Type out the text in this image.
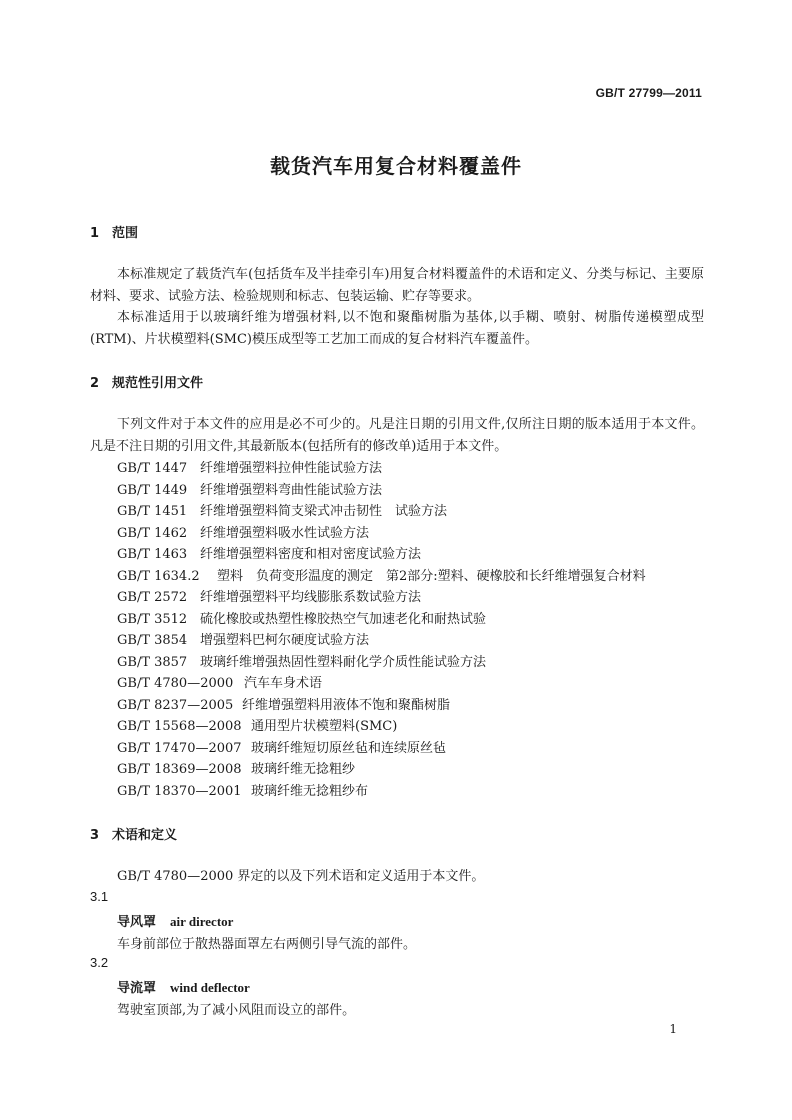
GB/T 27799—2011
载货汽车用复合材料覆盖件
1 范围
本标准规定了载货汽车(包括货车及半挂牵引车)用复合材料覆盖件的术语和定义、分类与标记、主要原材料、要求、试验方法、检验规则和标志、包装运输、贮存等要求。
本标准适用于以玻璃纤维为增强材料,以不饱和聚酯树脂为基体,以手糊、喷射、树脂传递模塑成型(RTM)、片状模塑料(SMC)模压成型等工艺加工而成的复合材料汽车覆盖件。
2 规范性引用文件
下列文件对于本文件的应用是必不可少的。凡是注日期的引用文件,仅所注日期的版本适用于本文件。凡是不注日期的引用文件,其最新版本(包括所有的修改单)适用于本文件。
GB/T 1447 纤维增强塑料拉伸性能试验方法
GB/T 1449 纤维增强塑料弯曲性能试验方法
GB/T 1451 纤维增强塑料简支梁式冲击韧性　试验方法
GB/T 1462 纤维增强塑料吸水性试验方法
GB/T 1463 纤维增强塑料密度和相对密度试验方法
GB/T 1634.2 塑料　负荷变形温度的测定　第2部分:塑料、硬橡胶和长纤维增强复合材料
GB/T 2572 纤维增强塑料平均线膨胀系数试验方法
GB/T 3512 硫化橡胶或热塑性橡胶热空气加速老化和耐热试验
GB/T 3854 增强塑料巴柯尔硬度试验方法
GB/T 3857 玻璃纤维增强热固性塑料耐化学介质性能试验方法
GB/T 4780—2000 汽车车身术语
GB/T 8237—2005 纤维增强塑料用液体不饱和聚酯树脂
GB/T 15568—2008 通用型片状模塑料(SMC)
GB/T 17470—2007 玻璃纤维短切原丝毡和连续原丝毡
GB/T 18369—2008 玻璃纤维无捻粗纱
GB/T 18370—2001 玻璃纤维无捻粗纱布
3 术语和定义
GB/T 4780—2000 界定的以及下列术语和定义适用于本文件。
3.1
导风罩 air director
车身前部位于散热器面罩左右两侧引导气流的部件。
3.2
导流罩 wind deflector
驾驶室顶部,为了减小风阻而设立的部件。
1
